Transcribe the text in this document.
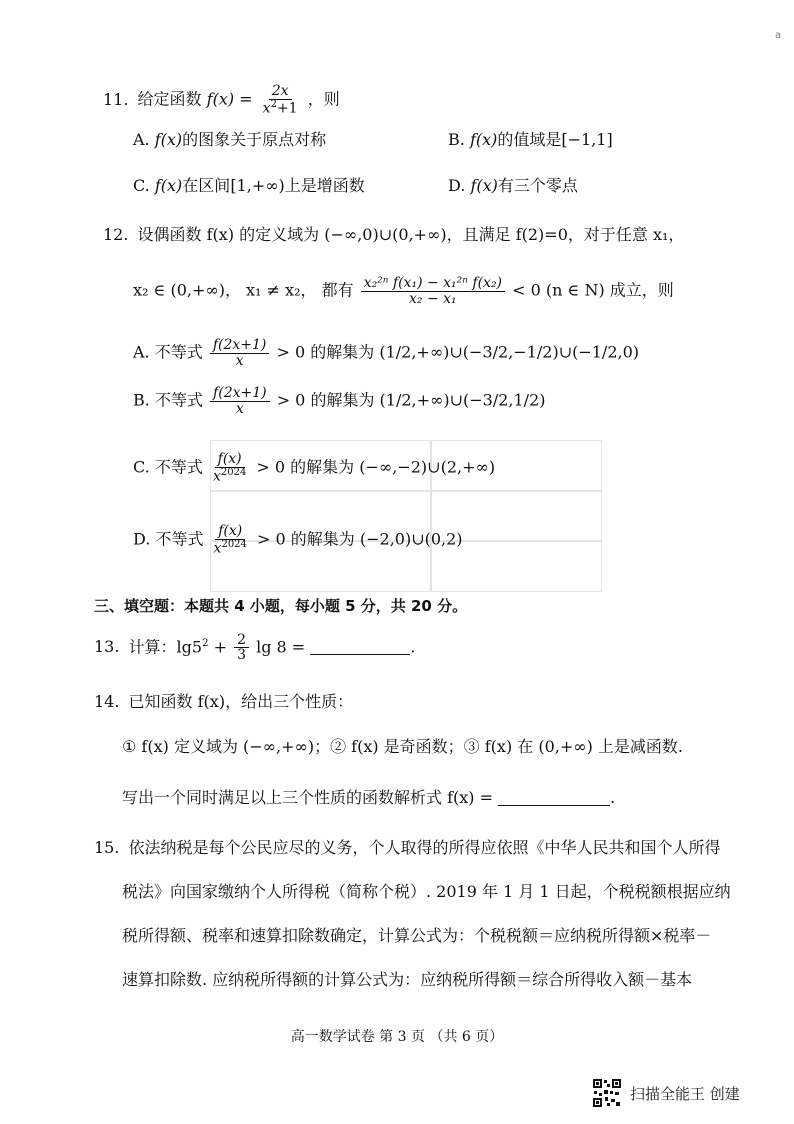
a
11. 给定函数 $f(x) = \frac{2x}{x^2+1}$ ，则
A. f(x)的图象关于原点对称	B. f(x)的值域是[−1,1]
C. f(x)在区间[1,+∞)上是增函数	D. f(x)有三个零点
12. 设偶函数 f(x) 的定义域为 (−∞,0)∪(0,+∞)，且满足 f(2)=0，对于任意 x₁，
x₂ ∈ (0,+∞)， x₁ ≠ x₂， 都有 $\frac{\text{x₂²ⁿ f(x₁) − x₁²ⁿ f(x₂)}}{\text{x₂ − x₁}} < 0$ (n ∈ N) 成立，则
A. 不等式 $\frac{f(2x+1)}{x} > 0$ 的解集为 (1/2,+∞)∪(−3/2,−1/2)∪(−1/2,0)
B. 不等式 $\frac{f(2x+1)}{x} > 0$ 的解集为 (1/2,+∞)∪(−3/2,1/2)
C. 不等式 $\frac{f(x)}{x^{2024}} > 0$ 的解集为 (−∞,−2)∪(2,+∞)
D. 不等式 $\frac{f(x)}{x^{2024}} > 0$ 的解集为 (−2,0)∪(0,2)
三、填空题：本题共 4 小题，每小题 5 分，共 20 分。
13. 计算：$\lg 5^2 + \frac{2}{3}$ lg 8 =	.
14. 已知函数 f(x)，给出三个性质：
① f(x) 定义域为 (−∞,+∞)；② f(x) 是奇函数；③ f(x) 在 (0,+∞) 上是减函数.
写出一个同时满足以上三个性质的函数解析式 f(x) =	.
15. 依法纳税是每个公民应尽的义务，个人取得的所得应依照《中华人民共和国个人所得
税法》向国家缴纳个人所得税（简称个税）. 2019 年 1 月 1 日起，个税税额根据应纳
税所得额、税率和速算扣除数确定，计算公式为：个税税额＝应纳税所得额×税率－
速算扣除数. 应纳税所得额的计算公式为：应纳税所得额＝综合所得收入额－基本
高一数学试卷 第 3 页 （共 6 页）
扫描全能王 创建
